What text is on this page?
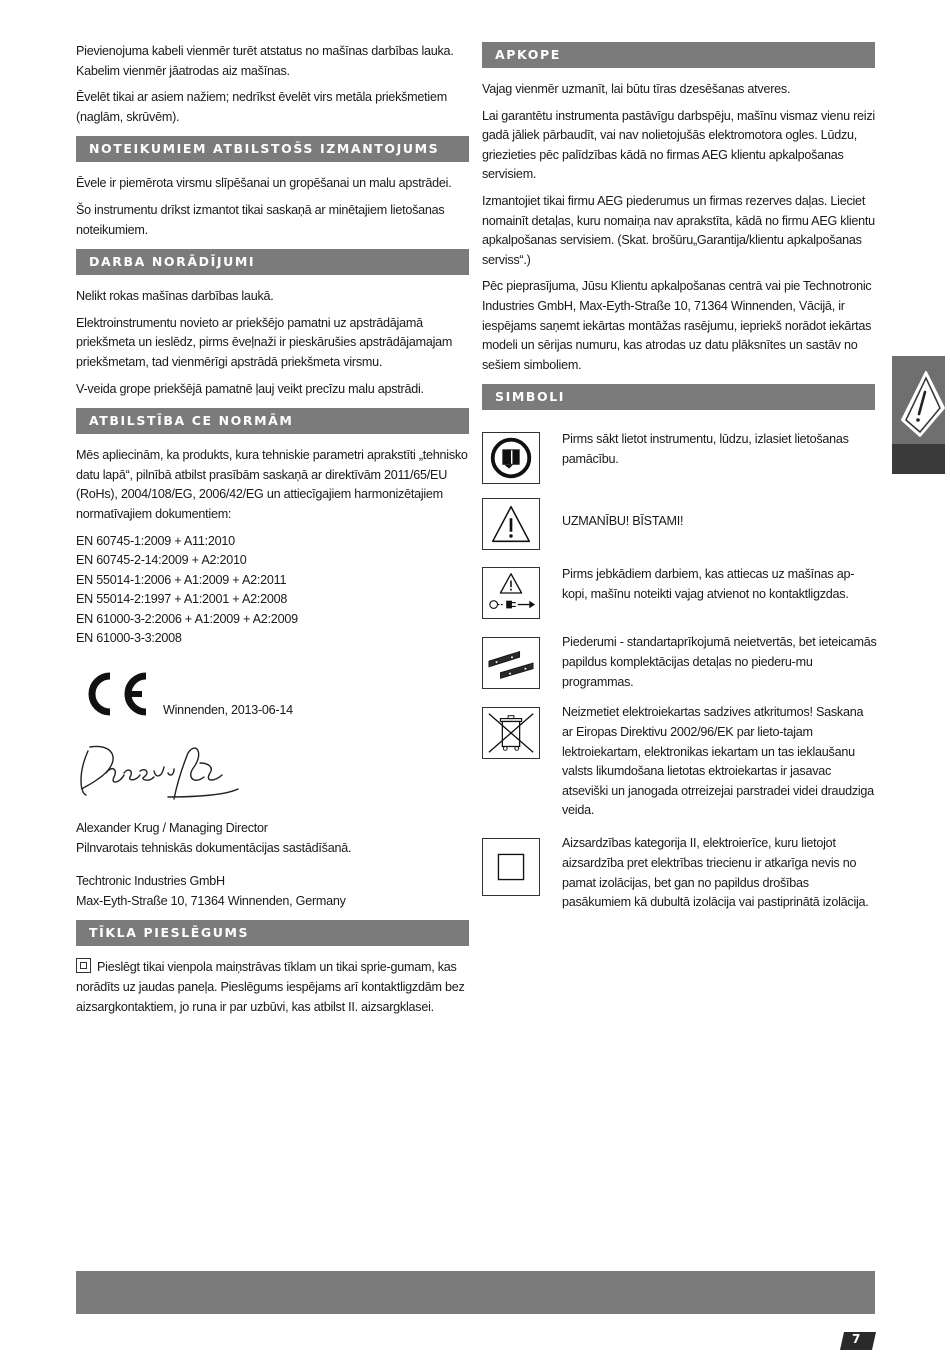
Pievienojuma kabeli vienmēr turēt atstatus no mašīnas darbības lauka. Kabelim vienmēr jāatrodas aiz mašīnas.

Ēvelēt tikai ar asiem nažiem; nedrīkst ēvelēt virs metāla priekšmetiem (naglām, skrūvēm).

NOTEIKUMIEM ATBILSTOŠS IZMANTOJUMS

Ēvele ir piemērota virsmu slīpēšanai un gropēšanai un malu apstrādei.

Šo instrumentu drīkst izmantot tikai saskaņā ar minētajiem lietošanas noteikumiem.

DARBA NORĀDĪJUMI

Nelikt rokas mašīnas darbības laukā.

Elektroinstrumentu novieto ar priekšējo pamatni uz apstrādājamā priekšmeta un ieslēdz, pirms ēveļnaži ir pieskārušies apstrādājamajam priekšmetam, tad vienmērīgi apstrādā priekšmeta virsmu.

V-veida grope priekšējā pamatnē ļauj veikt precīzu malu apstrādi.

ATBILSTĪBA CE NORMĀM

Mēs apliecinām, ka produkts, kura tehniskie parametri aprakstīti „tehnisko datu lapā“, pilnībā atbilst prasībām saskaņā ar direktīvām 2011/65/EU (RoHs), 2004/108/EG, 2006/42/EG un attiecīgajiem harmonizētajiem normatīvajiem dokumentiem:

EN 60745-1:2009 + A11:2010

EN 60745-2-14:2009 + A2:2010

EN 55014-1:2006 + A1:2009 + A2:2011

EN 55014-2:1997 + A1:2001 + A2:2008

EN 61000-3-2:2006 + A1:2009 + A2:2009

EN 61000-3-3:2008

Winnenden, 2013-06-14

Alexander Krug / Managing Director

Pilnvarotais tehniskās dokumentācijas sastādīšanā.

Techtronic Industries GmbH

Max-Eyth-Straße 10, 71364 Winnenden, Germany

TĪKLA PIESLĒGUMS

Pieslēgt tikai vienpola maiņstrāvas tīklam un tikai sprie-gumam, kas norādīts uz jaudas paneļa. Pieslēgums iespējams arī kontaktligzdām bez aizsargkontaktiem, jo runa ir par uzbūvi, kas atbilst II. aizsargklasei.

APKOPE

Vajag vienmēr uzmanīt, lai būtu tīras dzesēšanas atveres.

Lai garantētu instrumenta pastāvīgu darbspēju, mašīnu vismaz vienu reizi gadā jāliek pārbaudīt, vai nav nolietojušās elektromotora ogles. Lūdzu, griezieties pēc palīdzības kādā no firmas AEG klientu apkalpošanas servisiem.

Izmantojiet tikai firmu AEG piederumus un firmas rezerves daļas. Lieciet nomainīt detaļas, kuru nomaiņa nav aprakstīta, kādā no firmu AEG klientu apkalpošanas servisiem. (Skat. brošūru„Garantija/klientu apkalpošanas serviss“.)

Pēc pieprasījuma, Jūsu Klientu apkalpošanas centrā vai pie Technotronic Industries GmbH, Max-Eyth-Straße 10, 71364 Winnenden, Vācijā, ir iespējams saņemt iekārtas montāžas rasējumu, iepriekš norādot iekārtas modeli un sērijas numuru, kas atrodas uz datu plāksnītes un sastāv no sešiem simboliem.

SIMBOLI

Pirms sākt lietot instrumentu, lūdzu, izlasiet lietošanas pamācību.

UZMANĪBU! BĪSTAMI!

Pirms jebkādiem darbiem, kas attiecas uz mašīnas ap-kopi, mašīnu noteikti vajag atvienot no kontaktligzdas.

Piederumi - standartaprīkojumā neietvertās, bet ieteicamās papildus komplektācijas detaļas no piederu-mu programmas.

Neizmetiet elektroiekartas sadzives atkritumos! Saskana ar Eiropas Direktivu 2002/96/EK par lieto-tajam lektroiekartam, elektronikas iekartam un tas ieklaušanu valsts likumdošana lietotas ektroiekartas ir jasavac atseviški un janogada otrreizejai parstradei videi draudziga veida.

Aizsardzības kategorija II, elektroierīce, kuru lietojot aizsardzība pret elektrības triecienu ir atkarīga nevis no pamat izolācijas, bet gan no papildus drošības pasākumiem kā dubultā izolācija vai pastiprinātā izolācija.

7
